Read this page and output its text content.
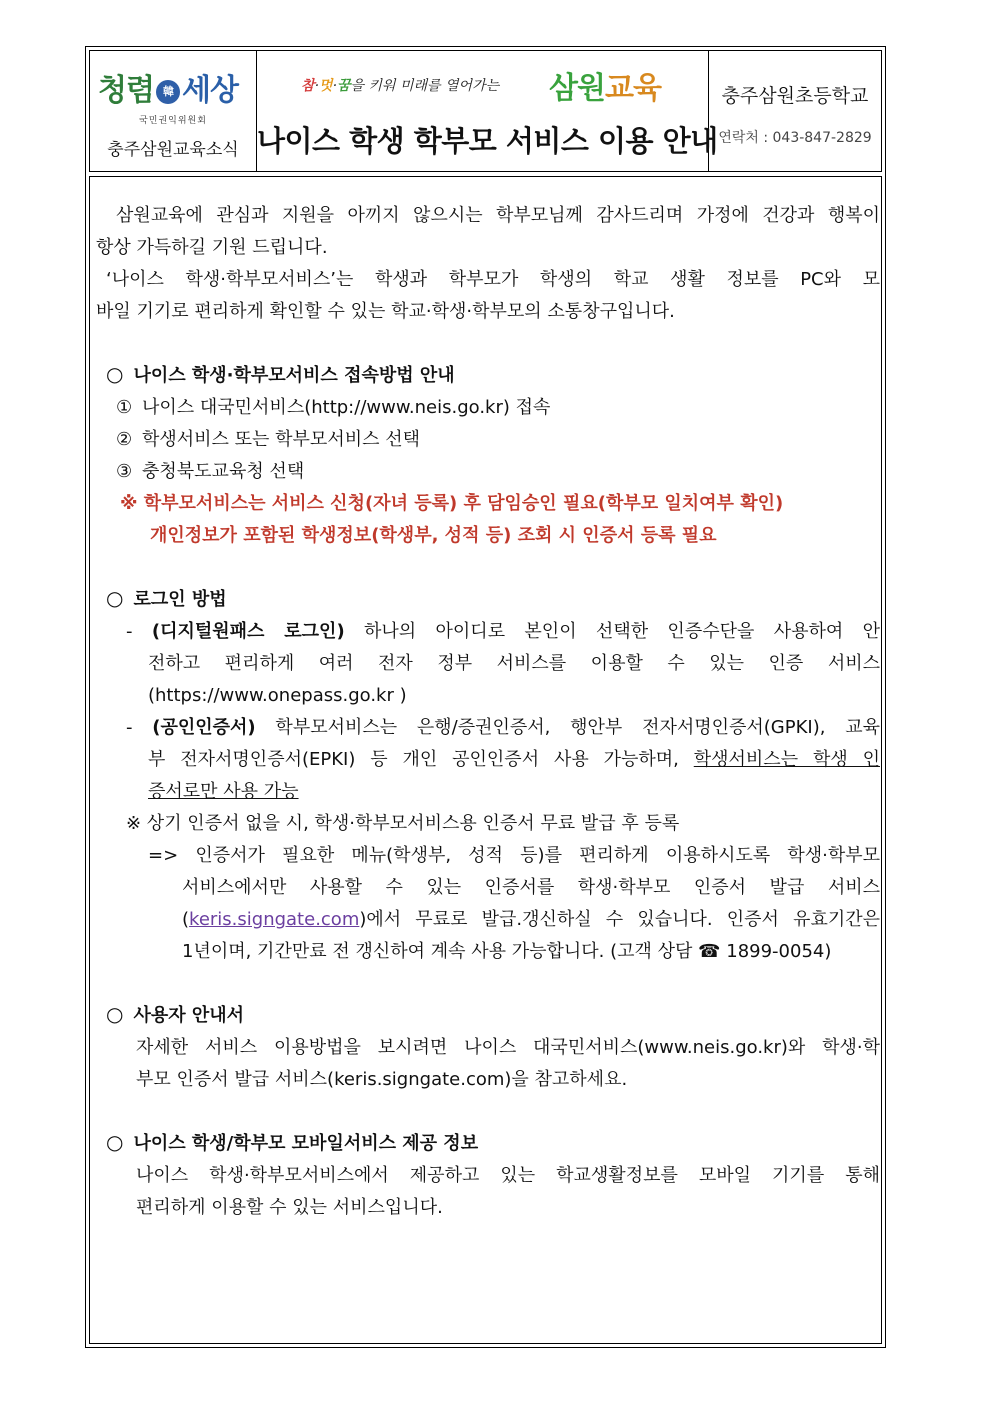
청렴 韓 세상
국민권익위원회
충주삼원교육소식
참·멋·꿈을 키워 미래를 열어가는 삼원교육
나이스 학생 학부모 서비스 이용 안내
충주삼원초등학교
연락처 : 043-847-2829

삼원교육에 관심과 지원을 아끼지 않으시는 학부모님께 감사드리며 가정에 건강과 행복이

항상 가득하길 기원 드립니다.

‘나이스 학생·학부모서비스’는 학생과 학부모가 학생의 학교 생활 정보를 PC와 모

바일 기기로 편리하게 확인할 수 있는 학교·학생·학부모의 소통창구입니다.

○ 나이스 학생·학부모서비스 접속방법 안내

① 나이스 대국민서비스(http://www.neis.go.kr) 접속

② 학생서비스 또는 학부모서비스 선택

③ 충청북도교육청 선택

※ 학부모서비스는 서비스 신청(자녀 등록) 후 담임승인 필요(학부모 일치여부 확인)

개인정보가 포함된 학생정보(학생부, 성적 등) 조회 시 인증서 등록 필요

○ 로그인 방법

- (디지털원패스 로그인) 하나의 아이디로 본인이 선택한 인증수단을 사용하여 안

전하고 편리하게 여러 전자 정부 서비스를 이용할 수 있는 인증 서비스

(https://www.onepass.go.kr )

- (공인인증서) 학부모서비스는 은행/증권인증서, 행안부 전자서명인증서(GPKI), 교육

부 전자서명인증서(EPKI) 등 개인 공인인증서 사용 가능하며, 학생서비스는 학생 인

증서로만 사용 가능

※ 상기 인증서 없을 시, 학생·학부모서비스용 인증서 무료 발급 후 등록

=> 인증서가 필요한 메뉴(학생부, 성적 등)를 편리하게 이용하시도록 학생·학부모

서비스에서만 사용할 수 있는 인증서를 학생·학부모 인증서 발급 서비스

(keris.signgate.com)에서 무료로 발급.갱신하실 수 있습니다. 인증서 유효기간은

1년이며, 기간만료 전 갱신하여 계속 사용 가능합니다. (고객 상담 ☎ 1899-0054)

○ 사용자 안내서

자세한 서비스 이용방법을 보시려면 나이스 대국민서비스(www.neis.go.kr)와 학생·학

부모 인증서 발급 서비스(keris.signgate.com)을 참고하세요.

○ 나이스 학생/학부모 모바일서비스 제공 정보

나이스 학생·학부모서비스에서 제공하고 있는 학교생활정보를 모바일 기기를 통해

편리하게 이용할 수 있는 서비스입니다.
